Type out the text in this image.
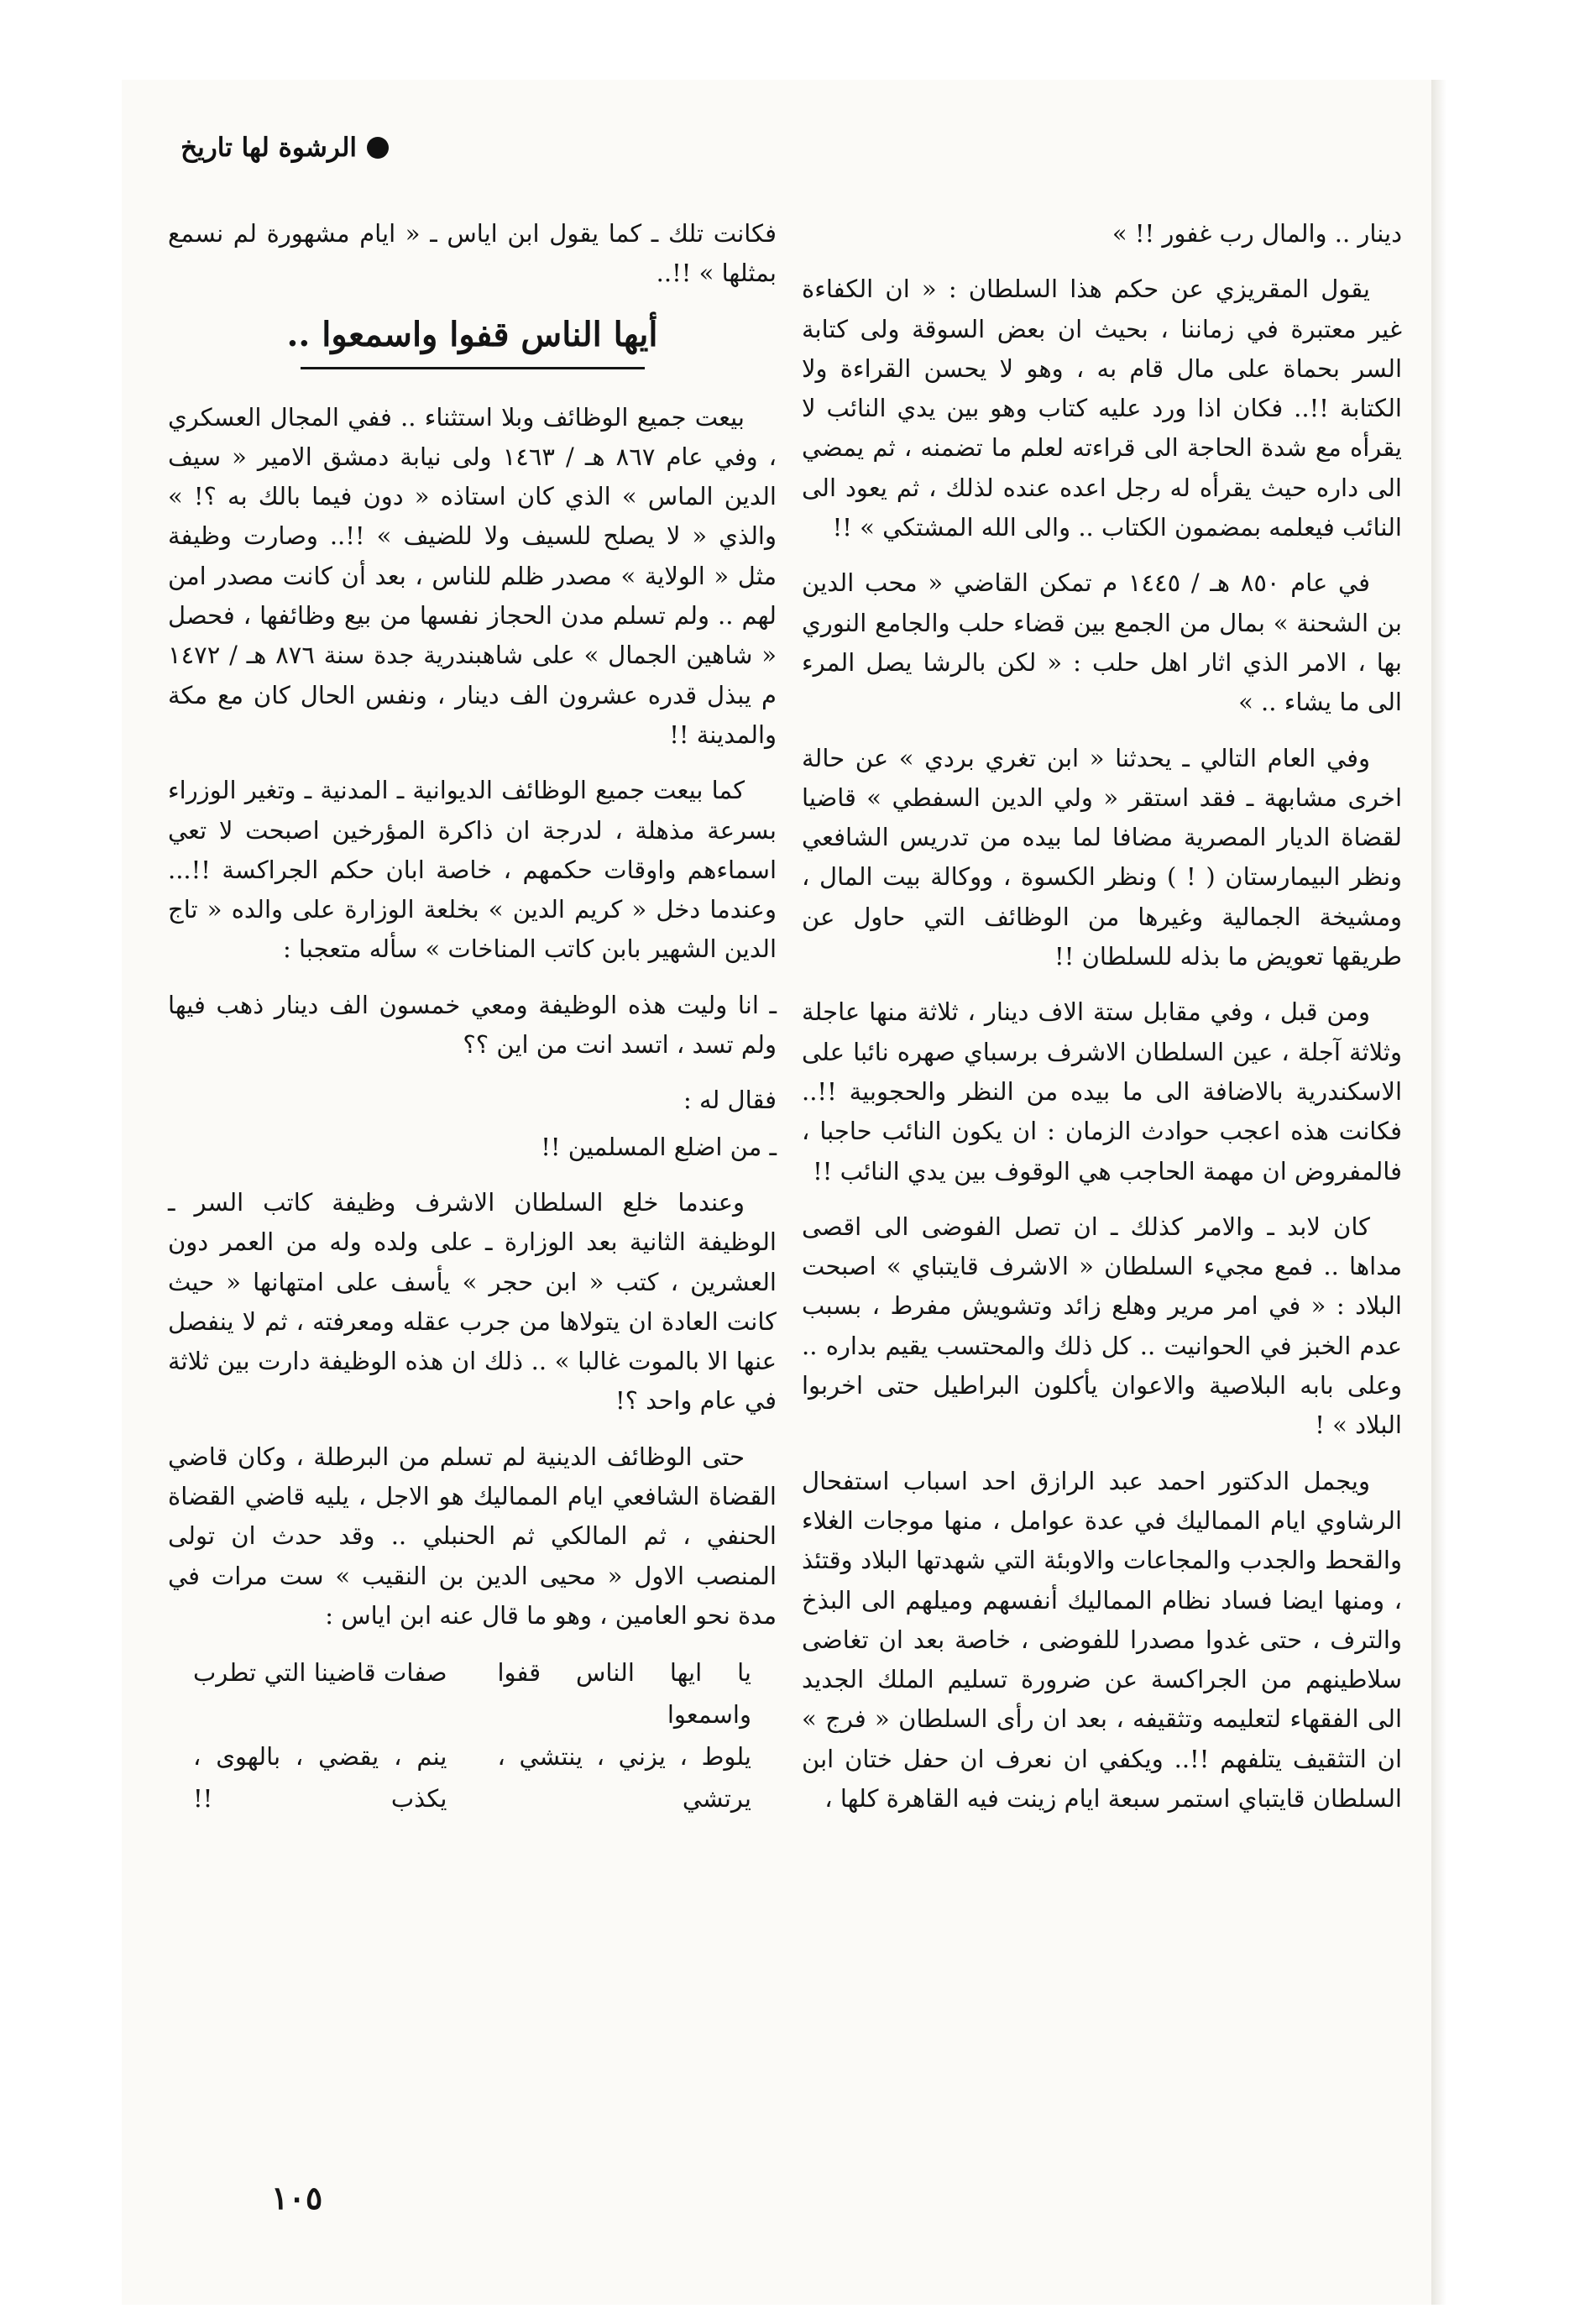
الرشوة لها تاريخ

دينار .. والمال رب غفور !! »

يقول المقريزي عن حكم هذا السلطان : « ان الكفاءة غير معتبرة في زماننا ، بحيث ان بعض السوقة ولى كتابة السر بحماة على مال قام به ، وهو لا يحسن القراءة ولا الكتابة !!.. فكان اذا ورد عليه كتاب وهو بين يدي النائب لا يقرأه مع شدة الحاجة الى قراءته لعلم ما تضمنه ، ثم يمضي الى داره حيث يقرأه له رجل اعده عنده لذلك ، ثم يعود الى النائب فيعلمه بمضمون الكتاب .. والى الله المشتكي » !!

في عام ٨٥٠ هـ / ١٤٤٥ م تمكن القاضي « محب الدين بن الشحنة » بمال من الجمع بين قضاء حلب والجامع النوري بها ، الامر الذي اثار اهل حلب : « لكن بالرشا يصل المرء الى ما يشاء .. »

وفي العام التالي ـ يحدثنا « ابن تغري بردي » عن حالة اخرى مشابهة ـ فقد استقر « ولي الدين السفطي » قاضيا لقضاة الديار المصرية مضافا لما بيده من تدريس الشافعي ونظر البيمارستان ( ! ) ونظر الكسوة ، ووكالة بيت المال ، ومشيخة الجمالية وغيرها من الوظائف التي حاول عن طريقها تعويض ما بذله للسلطان !!

ومن قبل ، وفي مقابل ستة الاف دينار ، ثلاثة منها عاجلة وثلاثة آجلة ، عين السلطان الاشرف برسباي صهره نائبا على الاسكندرية بالاضافة الى ما بيده من النظر والحجوبية !!.. فكانت هذه اعجب حوادث الزمان : ان يكون النائب حاجبا ، فالمفروض ان مهمة الحاجب هي الوقوف بين يدي النائب !!

كان لابد ـ والامر كذلك ـ ان تصل الفوضى الى اقصى مداها .. فمع مجيء السلطان « الاشرف قايتباي » اصبحت البلاد : « في امر مرير وهلع زائد وتشويش مفرط ، بسبب عدم الخبز في الحوانيت .. كل ذلك والمحتسب يقيم بداره .. وعلى بابه البلاصية والاعوان يأكلون البراطيل حتى اخربوا البلاد » !

ويجمل الدكتور احمد عبد الرازق احد اسباب استفحال الرشاوي ايام المماليك في عدة عوامل ، منها موجات الغلاء والقحط والجدب والمجاعات والاوبئة التي شهدتها البلاد وقتئذ ، ومنها ايضا فساد نظام المماليك أنفسهم وميلهم الى البذخ والترف ، حتى غدوا مصدرا للفوضى ، خاصة بعد ان تغاضى سلاطينهم من الجراكسة عن ضرورة تسليم الملك الجديد الى الفقهاء لتعليمه وتثقيفه ، بعد ان رأى السلطان « فرج » ان التثقيف يتلفهم !!.. ويكفي ان نعرف ان حفل ختان ابن السلطان قايتباي استمر سبعة ايام زينت فيه القاهرة كلها ،

فكانت تلك ـ كما يقول ابن اياس ـ « ايام مشهورة لم نسمع بمثلها » !!..

أيها الناس قفوا واسمعوا ..

بيعت جميع الوظائف وبلا استثناء .. ففي المجال العسكري ، وفي عام ٨٦٧ هـ / ١٤٦٣ ولى نيابة دمشق الامير « سيف الدين الماس » الذي كان استاذه « دون فيما بالك به ؟! » والذي « لا يصلح للسيف ولا للضيف » !!.. وصارت وظيفة مثل « الولاية » مصدر ظلم للناس ، بعد أن كانت مصدر امن لهم .. ولم تسلم مدن الحجاز نفسها من بيع وظائفها ، فحصل « شاهين الجمال » على شاهبندرية جدة سنة ٨٧٦ هـ / ١٤٧٢ م يبذل قدره عشرون الف دينار ، ونفس الحال كان مع مكة والمدينة !!

كما بيعت جميع الوظائف الديوانية ـ المدنية ـ وتغير الوزراء بسرعة مذهلة ، لدرجة ان ذاكرة المؤرخين اصبحت لا تعي اسماءهم واوقات حكمهم ، خاصة ابان حكم الجراكسة !!... وعندما دخل « كريم الدين » بخلعة الوزارة على والده « تاج الدين الشهير بابن كاتب المناخات » سأله متعجبا :

ـ انا وليت هذه الوظيفة ومعي خمسون الف دينار ذهب فيها ولم تسد ، اتسد انت من اين ؟؟

فقال له :

ـ من اضلع المسلمين !!

وعندما خلع السلطان الاشرف وظيفة كاتب السر ـ الوظيفة الثانية بعد الوزارة ـ على ولده وله من العمر دون العشرين ، كتب « ابن حجر » يأسف على امتهانها « حيث كانت العادة ان يتولاها من جرب عقله ومعرفته ، ثم لا ينفصل عنها الا بالموت غالبا » .. ذلك ان هذه الوظيفة دارت بين ثلاثة في عام واحد ؟!

حتى الوظائف الدينية لم تسلم من البرطلة ، وكان قاضي القضاة الشافعي ايام المماليك هو الاجل ، يليه قاضي القضاة الحنفي ، ثم المالكي ثم الحنبلي .. وقد حدث ان تولى المنصب الاول « محيى الدين بن النقيب » ست مرات في مدة نحو العامين ، وهو ما قال عنه ابن اياس :

يا ايها الناس قفوا واسمعوا
صفات قاضينا التي تطرب
يلوط ، يزني ، ينتشي ، يرتشي
ينم ، يقضي ، بالهوى ، يكذب !!
١٠٥
